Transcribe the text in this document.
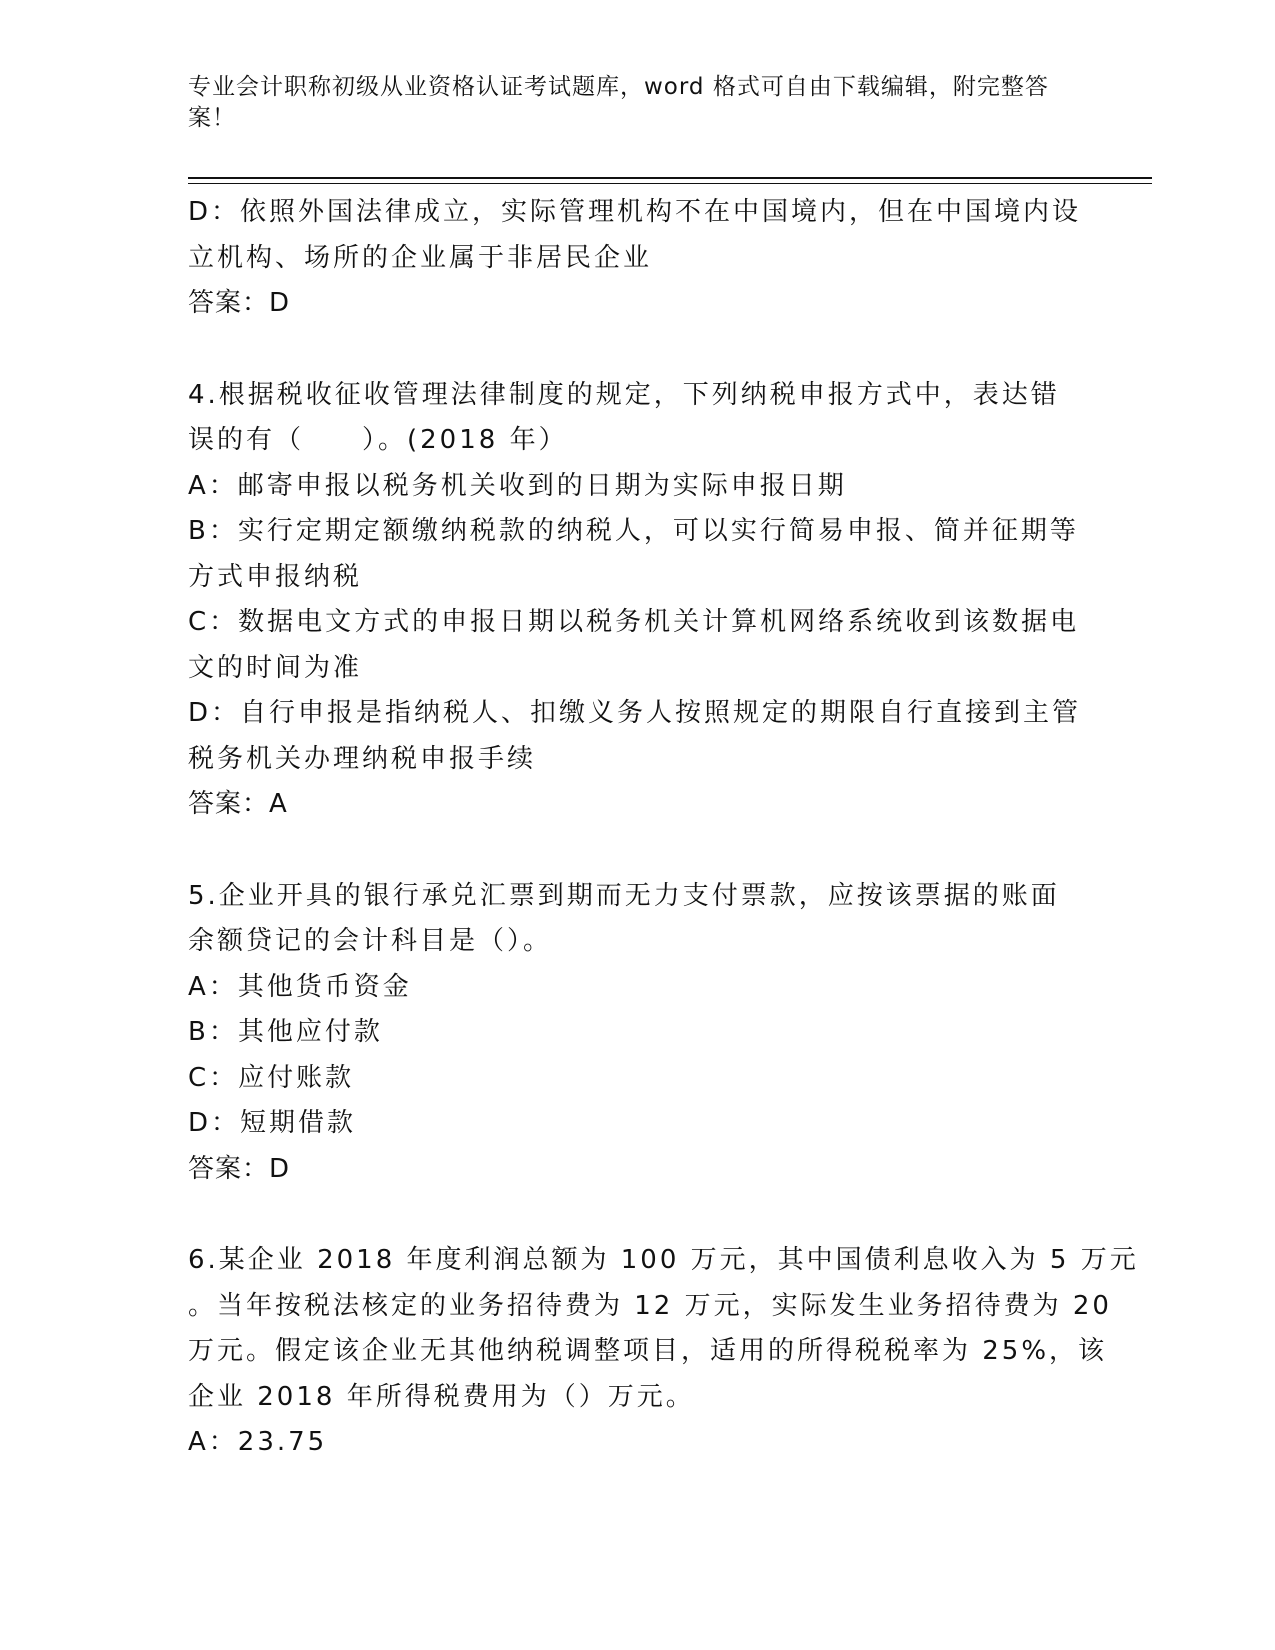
专业会计职称初级从业资格认证考试题库，word 格式可自由下载编辑，附完整答
案！
D：依照外国法律成立，实际管理机构不在中国境内，但在中国境内设
立机构、场所的企业属于非居民企业
答案：D
4.根据税收征收管理法律制度的规定，下列纳税申报方式中，表达错
误的有（　　）。(2018 年）
A：邮寄申报以税务机关收到的日期为实际申报日期
B：实行定期定额缴纳税款的纳税人，可以实行简易申报、简并征期等
方式申报纳税
C：数据电文方式的申报日期以税务机关计算机网络系统收到该数据电
文的时间为准
D：自行申报是指纳税人、扣缴义务人按照规定的期限自行直接到主管
税务机关办理纳税申报手续
答案：A
5.企业开具的银行承兑汇票到期而无力支付票款，应按该票据的账面
余额贷记的会计科目是（）。
A：其他货币资金
B：其他应付款
C：应付账款
D：短期借款
答案：D
6.某企业 2018 年度利润总额为 100 万元，其中国债利息收入为 5 万元
。当年按税法核定的业务招待费为 12 万元，实际发生业务招待费为 20
万元。假定该企业无其他纳税调整项目，适用的所得税税率为 25%，该
企业 2018 年所得税费用为（）万元。
A：23.75
